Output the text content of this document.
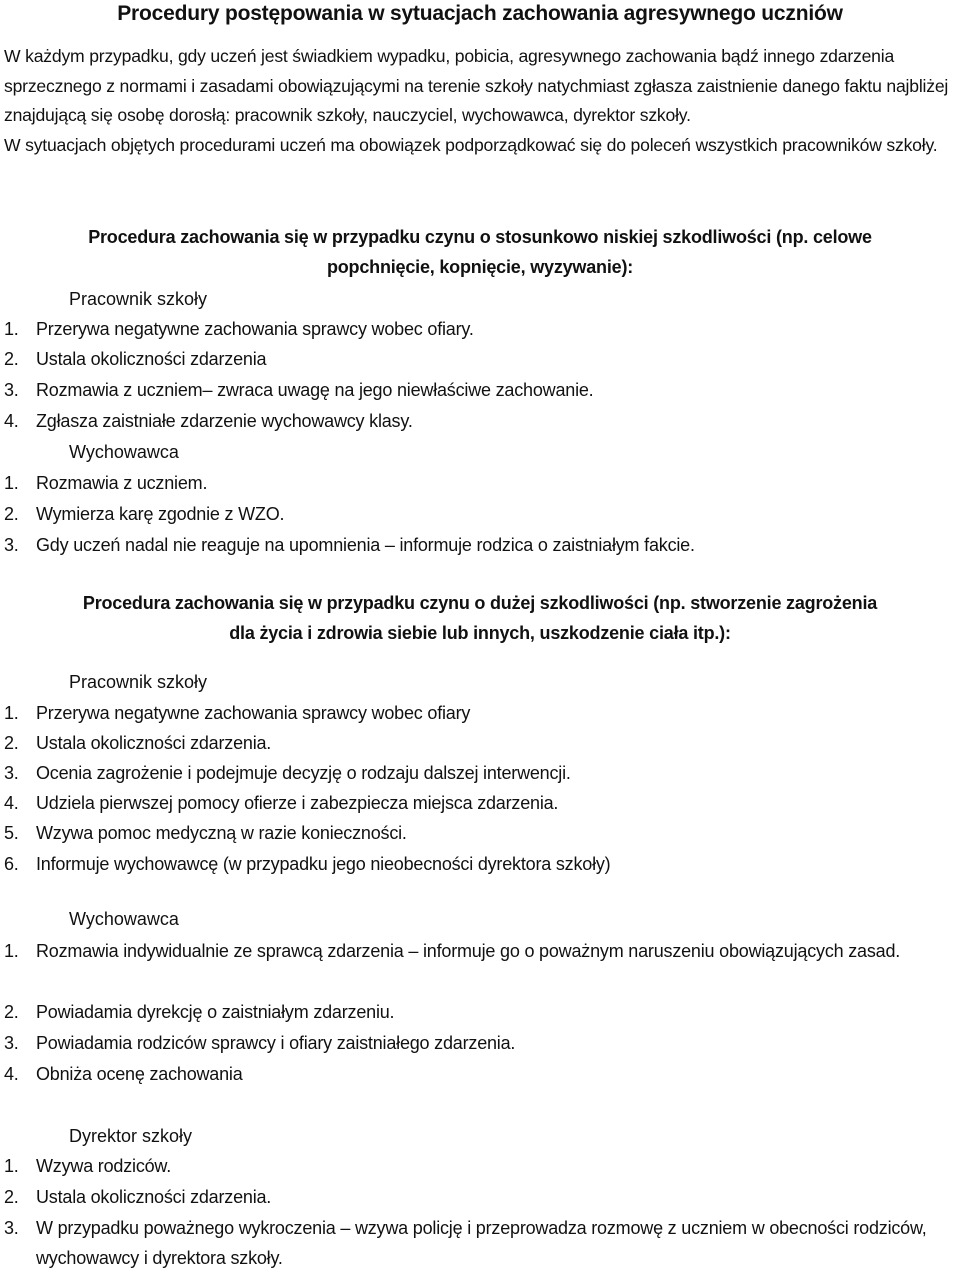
Procedury postępowania w sytuacjach zachowania agresywnego uczniów

W każdym przypadku, gdy uczeń jest świadkiem wypadku, pobicia, agresywnego zachowania bądź innego zdarzenia sprzecznego z normami i zasadami obowiązującymi na terenie szkoły natychmiast zgłasza zaistnienie danego faktu najbliżej znajdującą się osobę dorosłą: pracownik szkoły, nauczyciel, wychowawca, dyrektor szkoły.

W sytuacjach objętych procedurami uczeń ma obowiązek podporządkować się do poleceń wszystkich pracowników szkoły.

Procedura zachowania się w przypadku czynu o stosunkowo niskiej szkodliwości (np. celowe
popchnięcie, kopnięcie, wyzywanie):
Pracownik szkoły
1. Przerywa negatywne zachowania sprawcy wobec ofiary.
2. Ustala okoliczności zdarzenia
3. Rozmawia z uczniem– zwraca uwagę na jego niewłaściwe zachowanie.
4. Zgłasza zaistniałe zdarzenie wychowawcy klasy.
Wychowawca
1. Rozmawia z uczniem.
2. Wymierza karę zgodnie z WZO.
3. Gdy uczeń nadal nie reaguje na upomnienia – informuje rodzica o zaistniałym fakcie.
Procedura zachowania się w przypadku czynu o dużej szkodliwości (np. stworzenie zagrożenia
dla życia i zdrowia siebie lub innych, uszkodzenie ciała itp.):
Pracownik szkoły
1. Przerywa negatywne zachowania sprawcy wobec ofiary
2. Ustala okoliczności zdarzenia.
3. Ocenia zagrożenie i podejmuje decyzję o rodzaju dalszej interwencji.
4. Udziela pierwszej pomocy ofierze i zabezpiecza miejsca zdarzenia.
5. Wzywa pomoc medyczną w razie konieczności.
6. Informuje wychowawcę (w przypadku jego nieobecności dyrektora szkoły)
Wychowawca
1. Rozmawia indywidualnie ze sprawcą zdarzenia – informuje go o poważnym naruszeniu obowiązujących zasad.
2. Powiadamia dyrekcję o zaistniałym zdarzeniu.
3. Powiadamia rodziców sprawcy i ofiary zaistniałego zdarzenia.
4. Obniża ocenę zachowania
Dyrektor szkoły
1. Wzywa rodziców.
2. Ustala okoliczności zdarzenia.
3. W przypadku poważnego wykroczenia – wzywa policję i przeprowadza rozmowę z uczniem w obecności rodziców, wychowawcy i dyrektora szkoły.
